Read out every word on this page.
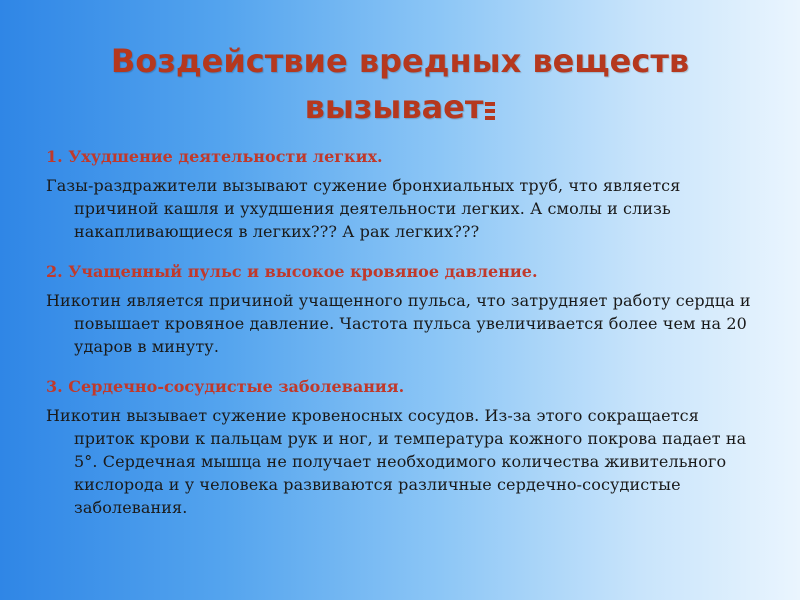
Воздействие вредных веществ
вызывает
1. Ухудшение деятельности легких.
Газы-раздражители вызывают сужение бронхиальных труб, что является причиной кашля и ухудшения деятельности легких. А смолы и слизь накапливающиеся в легких??? А рак легких???
2. Учащенный пульс и высокое кровяное давление.
Никотин является причиной учащенного пульса, что затрудняет работу сердца и повышает кровяное давление. Частота пульса увеличивается более чем на 20 ударов в минуту.
3. Сердечно-сосудистые заболевания.
Никотин вызывает сужение кровеносных сосудов. Из-за этого сокращается приток крови к пальцам рук и ног, и температура кожного покрова падает на 5°. Сердечная мышца не получает необходимого количества живительного кислорода и у человека развиваются различные сердечно-сосудистые заболевания.
